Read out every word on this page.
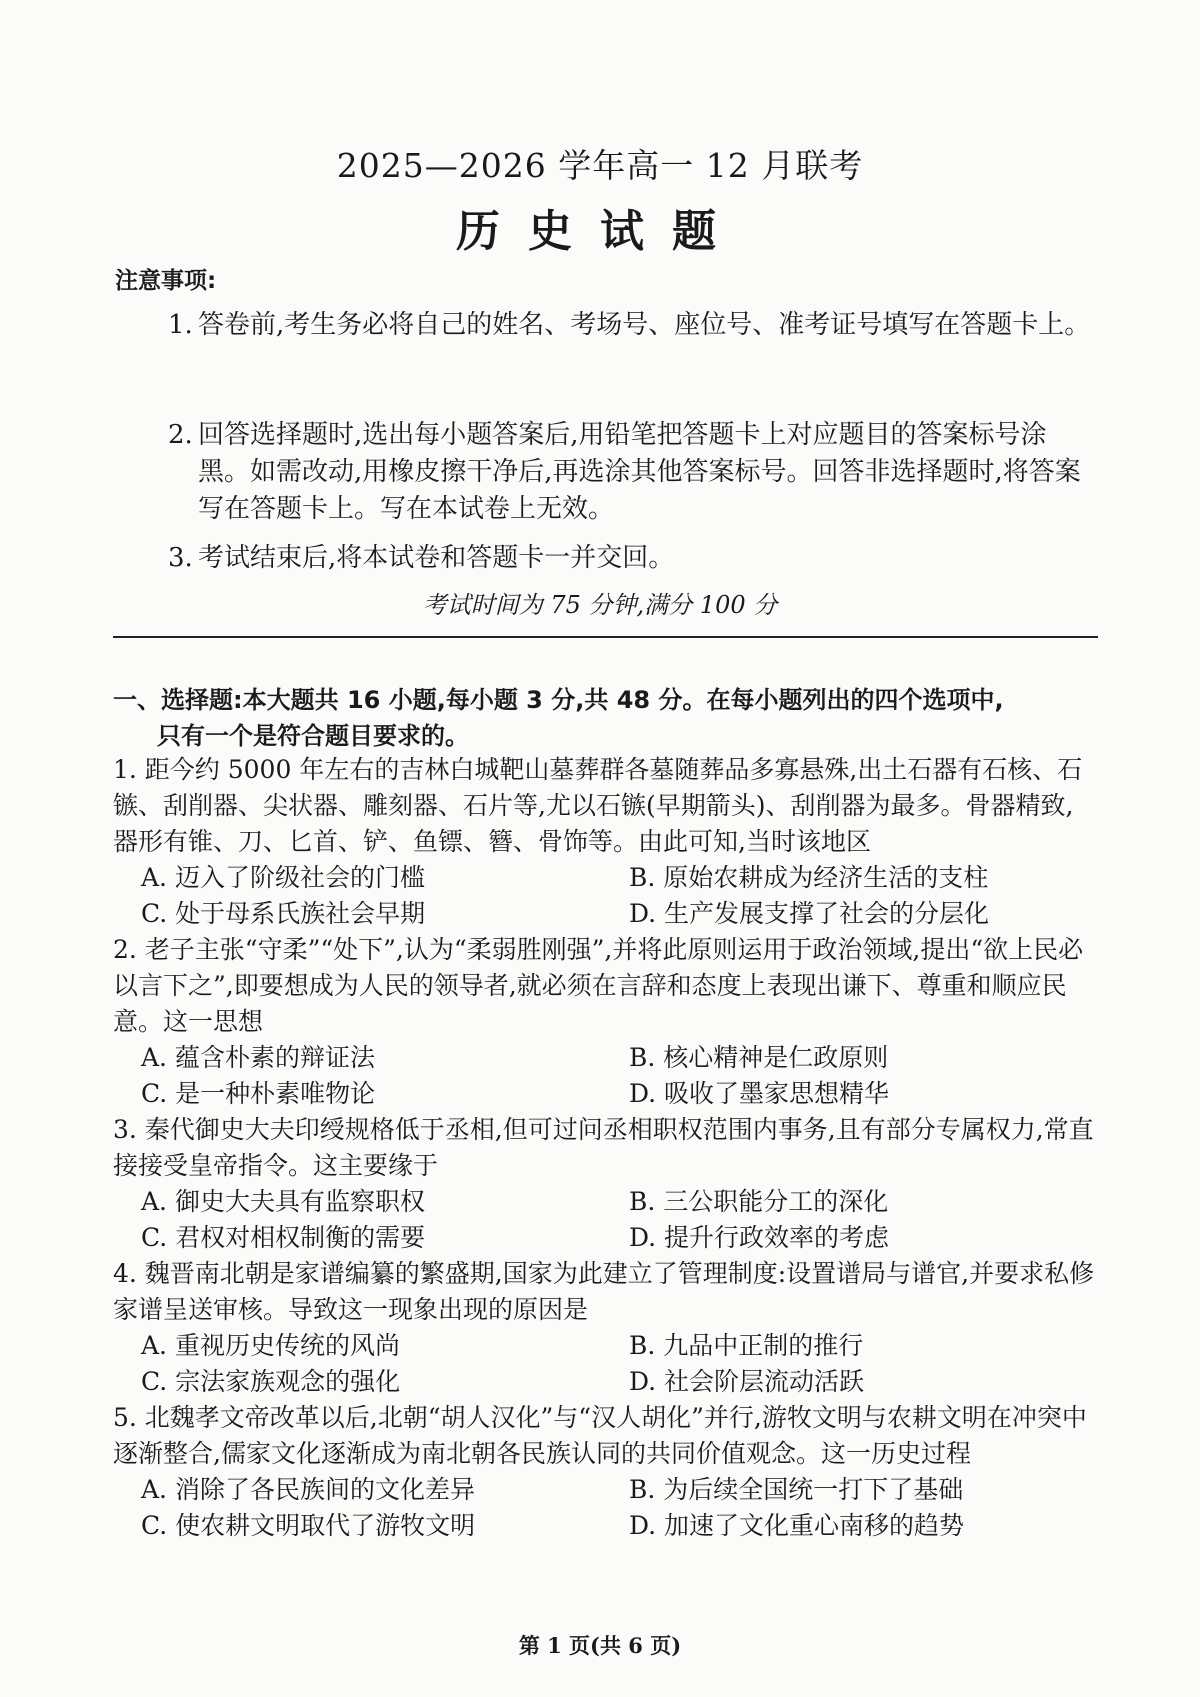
2025—2026 学年高一 12 月联考
历史试题
注意事项:
1. 答卷前,考生务必将自己的姓名、考场号、座位号、准考证号填写在答题卡上。
2. 回答选择题时,选出每小题答案后,用铅笔把答题卡上对应题目的答案标号涂黑。如需改动,用橡皮擦干净后,再选涂其他答案标号。回答非选择题时,将答案写在答题卡上。写在本试卷上无效。
3. 考试结束后,将本试卷和答题卡一并交回。
考试时间为 75 分钟,满分 100 分
一、选择题:本大题共 16 小题,每小题 3 分,共 48 分。在每小题列出的四个选项中,
只有一个是符合题目要求的。
1. 距今约 5000 年左右的吉林白城靶山墓葬群各墓随葬品多寡悬殊,出土石器有石核、石镞、刮削器、尖状器、雕刻器、石片等,尤以石镞(早期箭头)、刮削器为最多。骨器精致,器形有锥、刀、匕首、铲、鱼镖、簪、骨饰等。由此可知,当时该地区
A. 迈入了阶级社会的门槛	B. 原始农耕成为经济生活的支柱
C. 处于母系氏族社会早期	D. 生产发展支撑了社会的分层化
2. 老子主张“守柔”“处下”,认为“柔弱胜刚强”,并将此原则运用于政治领域,提出“欲上民必以言下之”,即要想成为人民的领导者,就必须在言辞和态度上表现出谦下、尊重和顺应民意。这一思想
A. 蕴含朴素的辩证法	B. 核心精神是仁政原则
C. 是一种朴素唯物论	D. 吸收了墨家思想精华
3. 秦代御史大夫印绶规格低于丞相,但可过问丞相职权范围内事务,且有部分专属权力,常直接接受皇帝指令。这主要缘于
A. 御史大夫具有监察职权	B. 三公职能分工的深化
C. 君权对相权制衡的需要	D. 提升行政效率的考虑
4. 魏晋南北朝是家谱编纂的繁盛期,国家为此建立了管理制度:设置谱局与谱官,并要求私修家谱呈送审核。导致这一现象出现的原因是
A. 重视历史传统的风尚	B. 九品中正制的推行
C. 宗法家族观念的强化	D. 社会阶层流动活跃
5. 北魏孝文帝改革以后,北朝“胡人汉化”与“汉人胡化”并行,游牧文明与农耕文明在冲突中逐渐整合,儒家文化逐渐成为南北朝各民族认同的共同价值观念。这一历史过程
A. 消除了各民族间的文化差异	B. 为后续全国统一打下了基础
C. 使农耕文明取代了游牧文明	D. 加速了文化重心南移的趋势
第 1 页(共 6 页)
